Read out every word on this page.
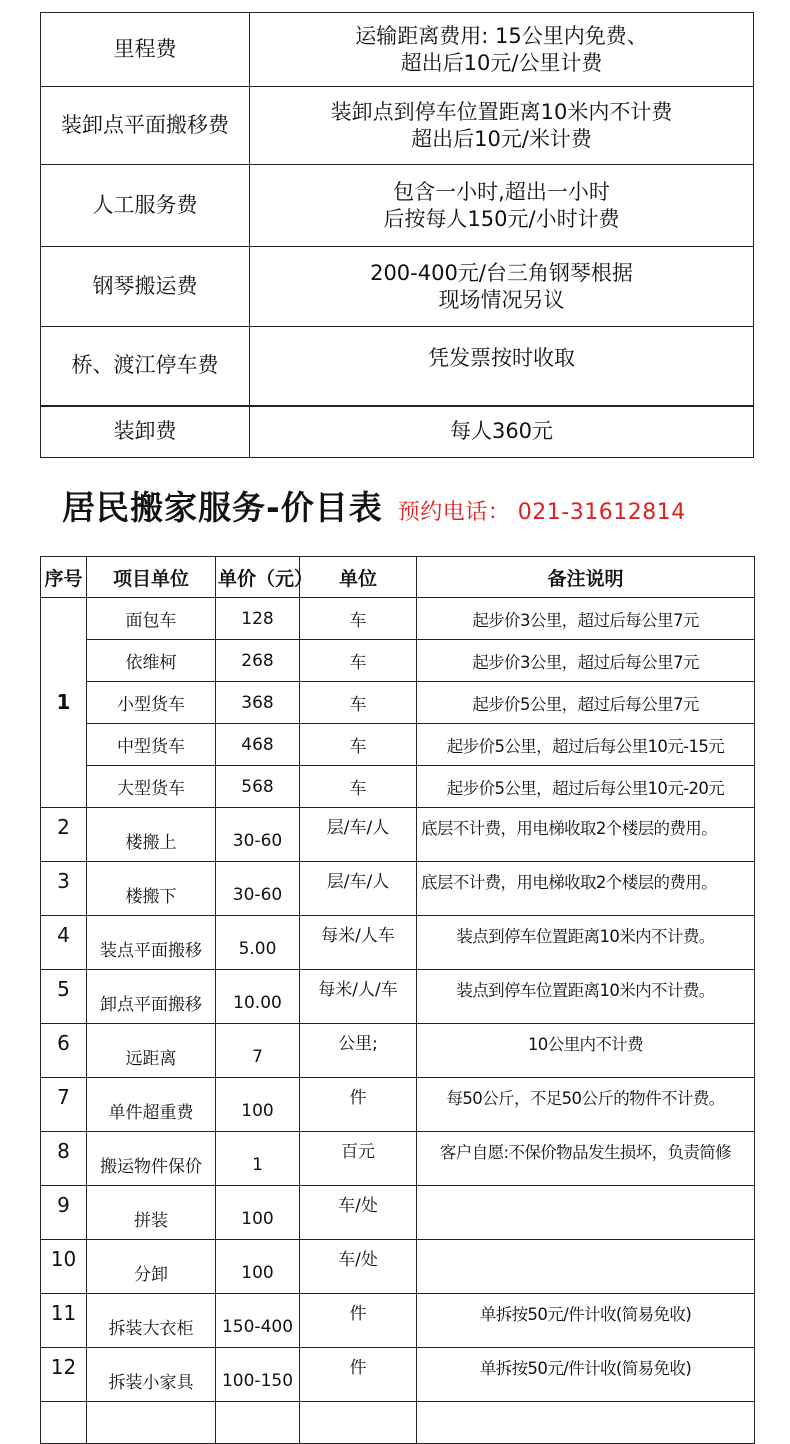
里程费	运输距离费用: 15公里内免费、
超出后10元/公里计费
装卸点平面搬移费	装卸点到停车位置距离10米内不计费
超出后10元/米计费
人工服务费	包含一小时,超出一小时
后按每人150元/小时计费
钢琴搬运费	200-400元/台三角钢琴根据
现场情况另议
桥、渡江停车费	凭发票按时收取
装卸费	每人360元
居民搬家服务-价目表 预约电话： 021-31612814
序号	项目单位	单价（元）	单位	备注说明
1	面包车	128	车	起步价3公里，超过后每公里7元
	依维柯	268	车	起步价3公里，超过后每公里7元
	小型货车	368	车	起步价5公里，超过后每公里7元
	中型货车	468	车	起步价5公里，超过后每公里10元-15元
	大型货车	568	车	起步价5公里，超过后每公里10元-20元
2	楼搬上	30-60	层/车/人	底层不计费，用电梯收取2个楼层的费用。
3	楼搬下	30-60	层/车/人	底层不计费，用电梯收取2个楼层的费用。
4	装点平面搬移	5.00	每米/人车	装点到停车位置距离10米内不计费。
5	卸点平面搬移	10.00	每米/人/车	装点到停车位置距离10米内不计费。
6	远距离	7	公里;	10公里内不计费
7	单件超重费	100	件	每50公斤，不足50公斤的物件不计费。
8	搬运物件保价	1	百元	客户自愿:不保价物品发生损坏，负责简修
9	拼装	100	车/处	
10	分卸	100	车/处	
11	拆装大衣柜	150-400	件	单拆按50元/件计收(简易免收)
12	拆装小家具	100-150	件	单拆按50元/件计收(简易免收)
